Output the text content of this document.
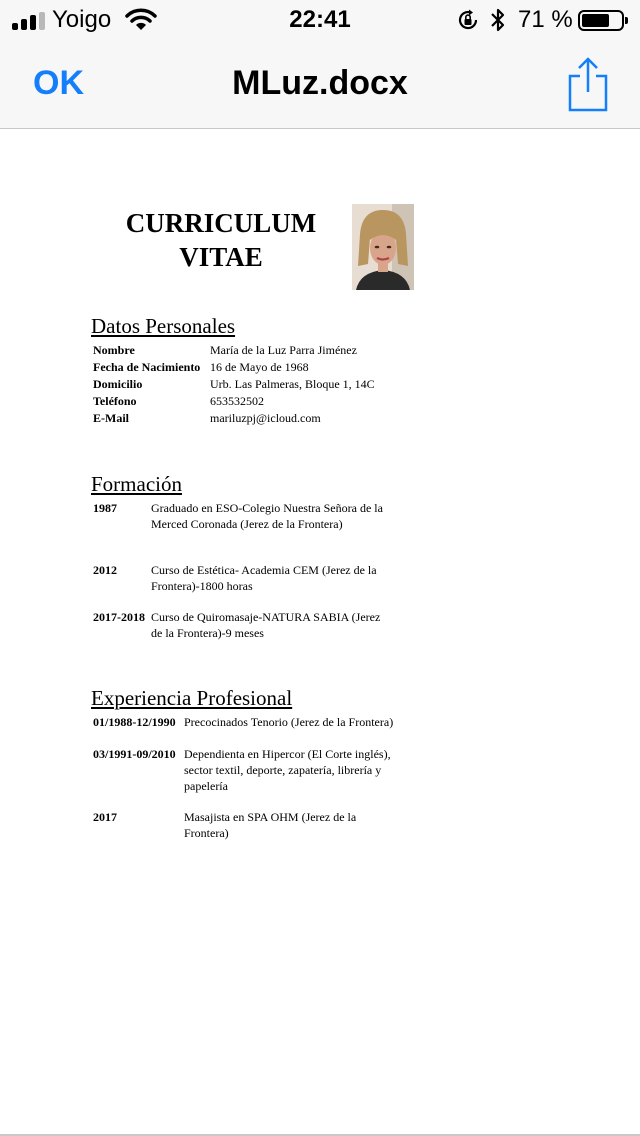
Yoigo	22:41	71 %
OK	MLuz.docx
CURRICULUM
VITAE
Datos Personales
Nombre	María de la Luz Parra Jiménez
Fecha de Nacimiento 16 de Mayo de 1968
Domicilio	Urb. Las Palmeras, Bloque 1, 14C
Teléfono	653532502
E-Mail	mariluzpj@icloud.com
Formación
1987	Graduado en ESO-Colegio Nuestra Señora de la Merced Coronada (Jerez de la Frontera)
2012	Curso de Estética- Academia CEM (Jerez de la Frontera)-1800 horas
2017-2018 Curso de Quiromasaje-NATURA SABIA (Jerez de la Frontera)-9 meses
Experiencia Profesional
01/1988-12/1990 Precocinados Tenorio (Jerez de la Frontera)
03/1991-09/2010 Dependienta en Hipercor (El Corte inglés), sector textil, deporte, zapatería, librería y papelería
2017	Masajista en SPA OHM (Jerez de la Frontera)
